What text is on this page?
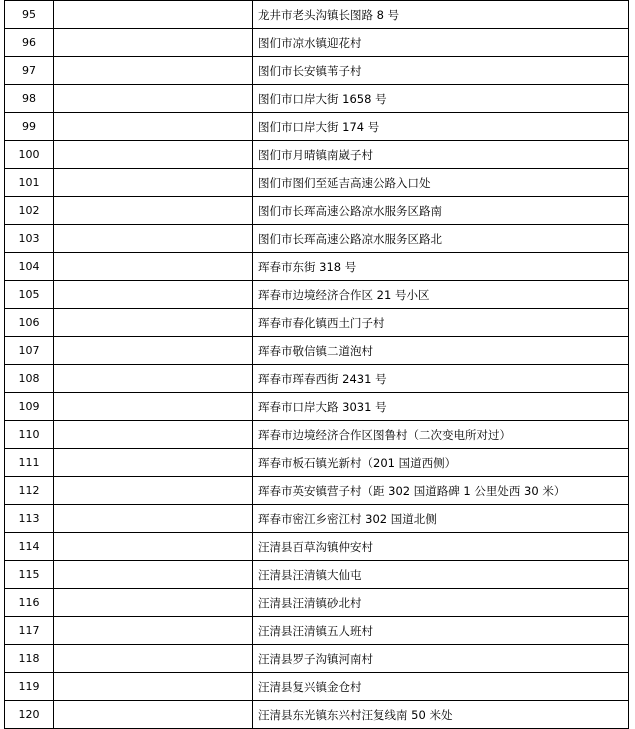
95		龙井市老头沟镇长图路 8 号
96		图们市凉水镇迎花村
97		图们市长安镇苇子村
98		图们市口岸大街 1658 号
99		图们市口岸大街 174 号
100		图们市月晴镇南崴子村
101		图们市图们至延吉高速公路入口处
102		图们市长珲高速公路凉水服务区路南
103		图们市长珲高速公路凉水服务区路北
104		珲春市东街 318 号
105		珲春市边境经济合作区 21 号小区
106		珲春市春化镇西土门子村
107		珲春市敬信镇二道泡村
108		珲春市珲春西街 2431 号
109		珲春市口岸大路 3031 号
110		珲春市边境经济合作区图鲁村（二次变电所对过）
111		珲春市板石镇光新村（201 国道西侧）
112		珲春市英安镇营子村（距 302 国道路碑 1 公里处西 30 米）
113		珲春市密江乡密江村 302 国道北侧
114		汪清县百草沟镇仲安村
115		汪清县汪清镇大仙屯
116		汪清县汪清镇砂北村
117		汪清县汪清镇五人班村
118		汪清县罗子沟镇河南村
119		汪清县复兴镇金仓村
120		汪清县东光镇东兴村汪复线南 50 米处
